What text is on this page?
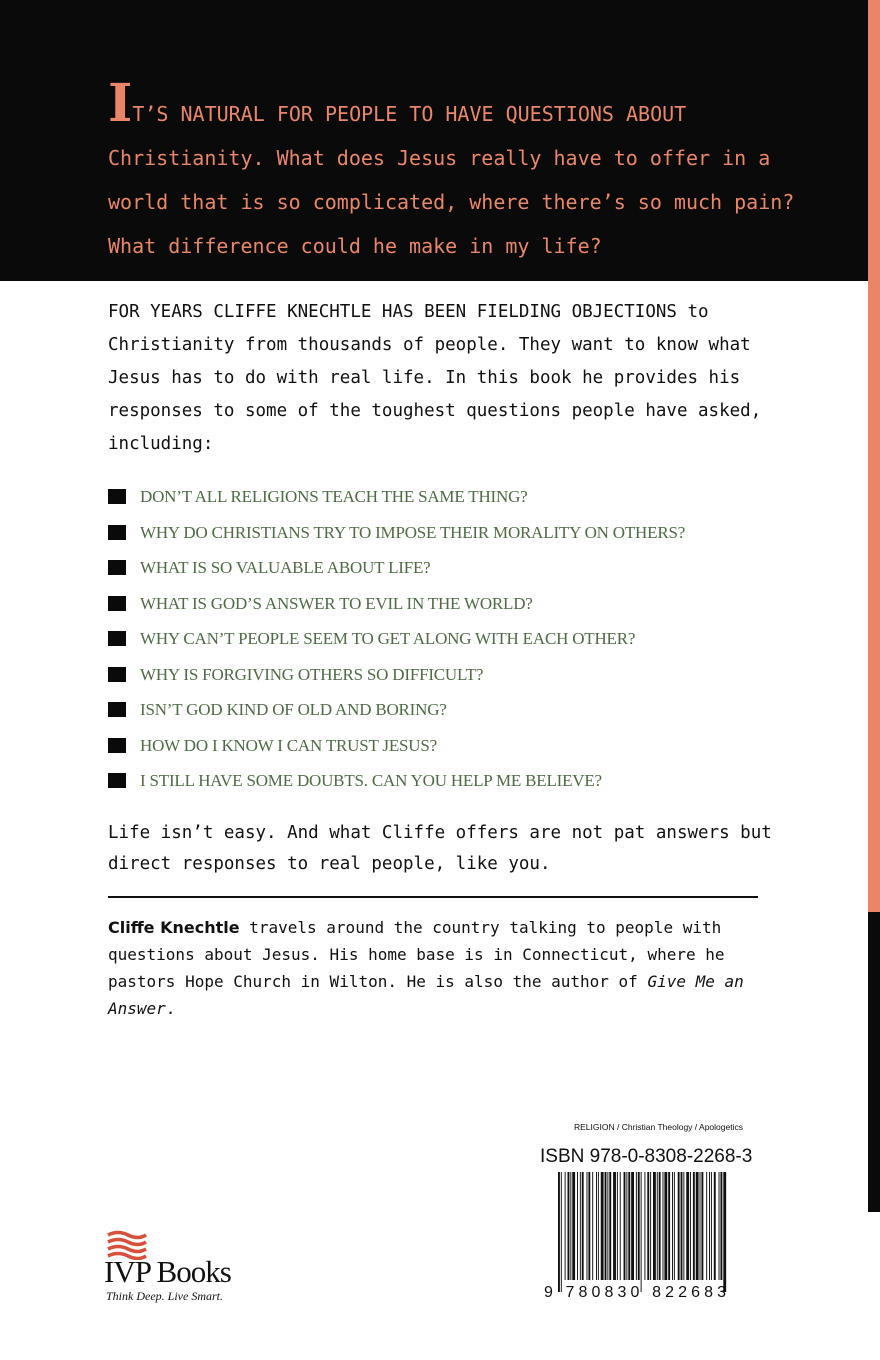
IT’S NATURAL FOR PEOPLE TO HAVE QUESTIONS ABOUT Christianity. What does Jesus really have to offer in a world that is so complicated, where there’s so much pain? What difference could he make in my life?

FOR YEARS CLIFFE KNECHTLE HAS BEEN FIELDING OBJECTIONS to Christianity from thousands of people. They want to know what Jesus has to do with real life. In this book he provides his responses to some of the toughest questions people have asked, including:

DON’T ALL RELIGIONS TEACH THE SAME THING?
WHY DO CHRISTIANS TRY TO IMPOSE THEIR MORALITY ON OTHERS?
WHAT IS SO VALUABLE ABOUT LIFE?
WHAT IS GOD’S ANSWER TO EVIL IN THE WORLD?
WHY CAN’T PEOPLE SEEM TO GET ALONG WITH EACH OTHER?
WHY IS FORGIVING OTHERS SO DIFFICULT?
ISN’T GOD KIND OF OLD AND BORING?
HOW DO I KNOW I CAN TRUST JESUS?
I STILL HAVE SOME DOUBTS. CAN YOU HELP ME BELIEVE?

Life isn’t easy. And what Cliffe offers are not pat answers but direct responses to real people, like you.

Cliffe Knechtle travels around the country talking to people with questions about Jesus. His home base is in Connecticut, where he pastors Hope Church in Wilton. He is also the author of Give Me an Answer.

RELIGION / Christian Theology / Apologetics
ISBN 978-0-8308-2268-3
9 780830 822683
IVP Books
Think Deep. Live Smart.
